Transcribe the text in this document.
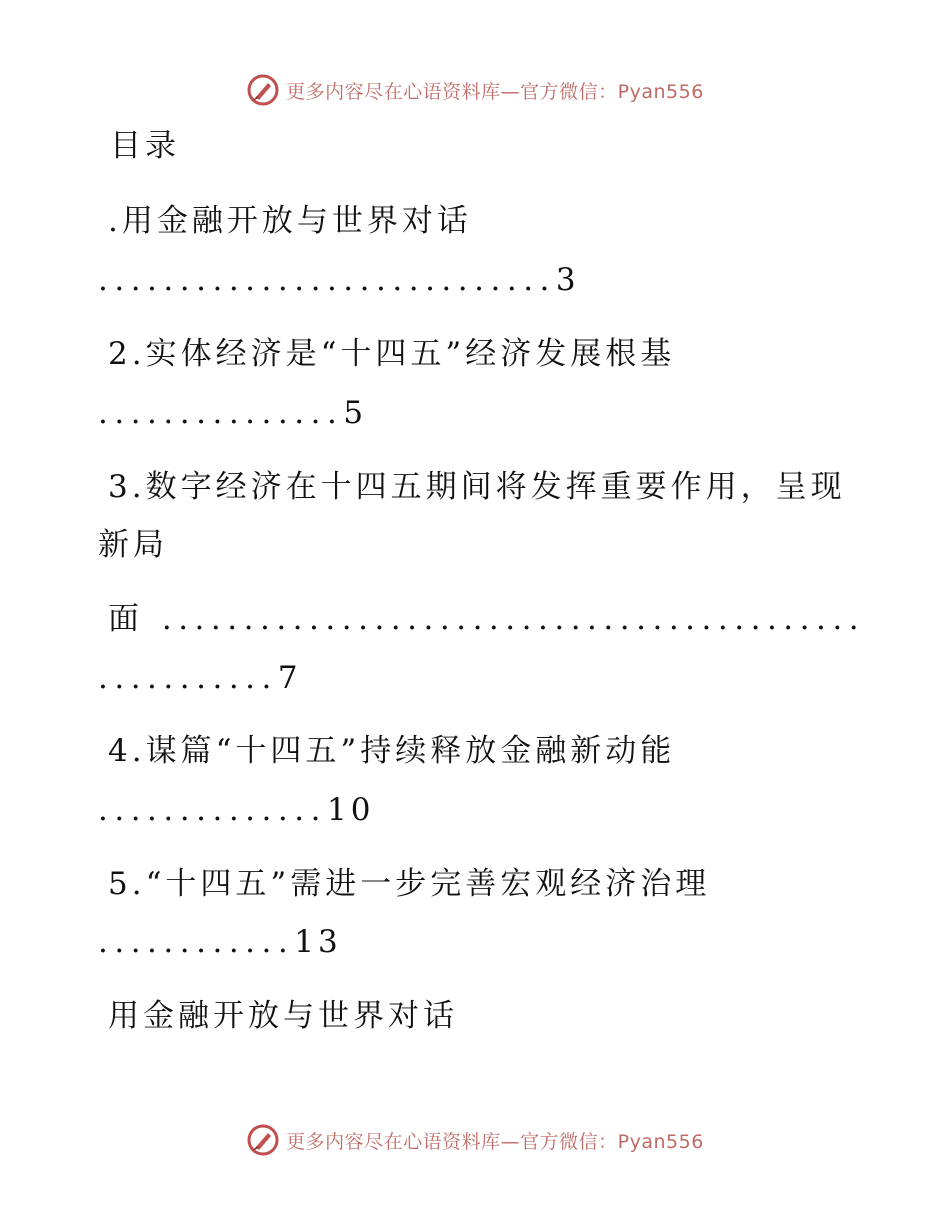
更多内容尽在心语资料库—官方微信：Pyan556
目录
.用金融开放与世界对话
............................3
2.实体经济是“十四五”经济发展根基
...............5
3.数字经济在十四五期间将发挥重要作用，呈现
新局
面 ...........................................
...........7
4.谋篇“十四五”持续释放金融新动能
..............10
5.“十四五”需进一步完善宏观经济治理
............13
用金融开放与世界对话
更多内容尽在心语资料库—官方微信：Pyan556
